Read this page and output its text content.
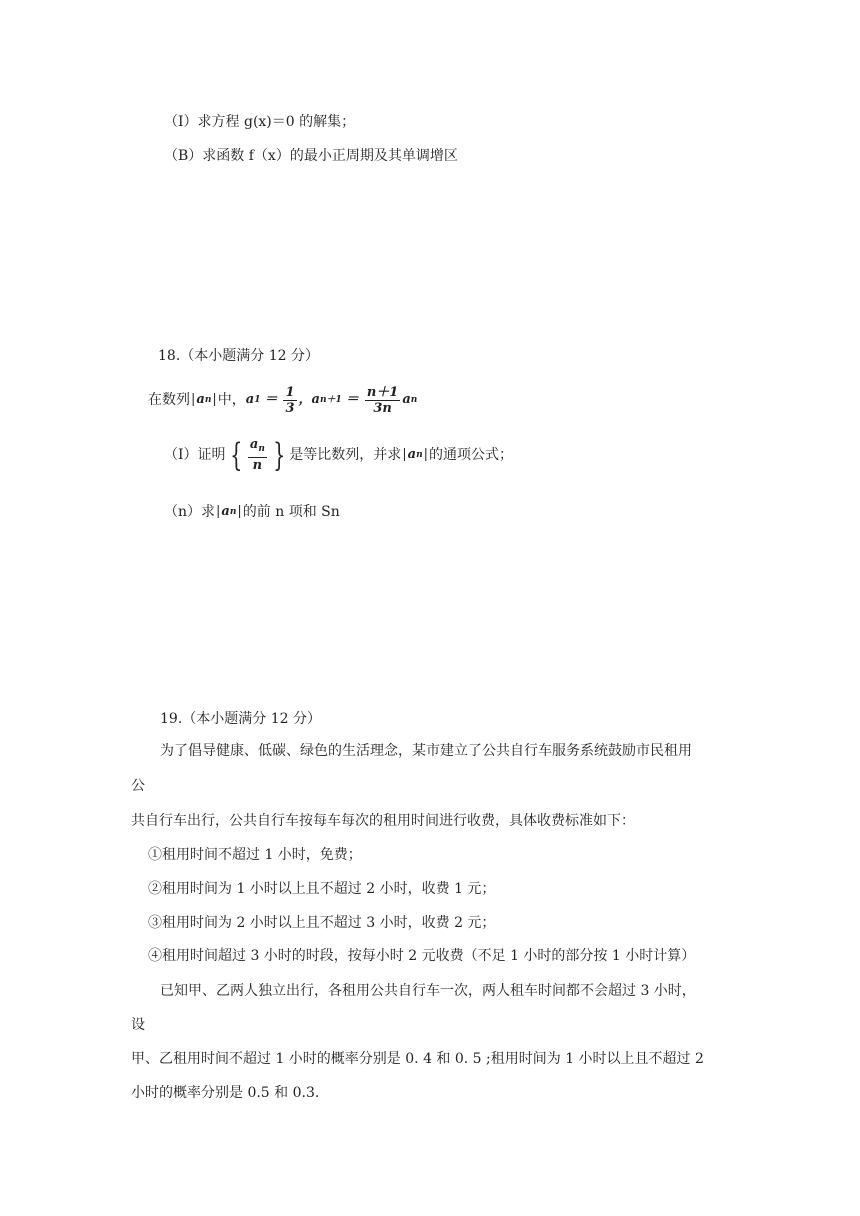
（I）求方程 g(x)＝0 的解集；
（B）求函数 f（x）的最小正周期及其单调增区
18.（本小题满分 12 分）
在数列 | a n | 中， a $1 = \frac{1}{3}$ ， a $n+1 = \frac{n+1}{3n}$ a n
（I）证明 { $\frac{a_n}{n}$ } 是等比数列，并求 | a n | 的通项公式；
（n）求 | a n | 的前 n 项和 Sn
19.（本小题满分 12 分）
为了倡导健康、低碳、绿色的生活理念，某市建立了公共自行车服务系统鼓励市民租用
公
共自行车出行，公共自行车按每车每次的租用时间进行收费，具体收费标准如下：
①租用时间不超过 1 小时，免费；
②租用时间为 1 小时以上且不超过 2 小时，收费 1 元；
③租用时间为 2 小时以上且不超过 3 小时，收费 2 元；
④租用时间超过 3 小时的时段，按每小时 2 元收费（不足 1 小时的部分按 1 小时计算）
已知甲、乙两人独立出行，各租用公共自行车一次，两人租车时间都不会超过 3 小时，
设
甲、乙租用时间不超过 1 小时的概率分别是 0. 4 和 0. 5 ;租用时间为 1 小时以上且不超过 2
小时的概率分别是 0.5 和 0.3.
